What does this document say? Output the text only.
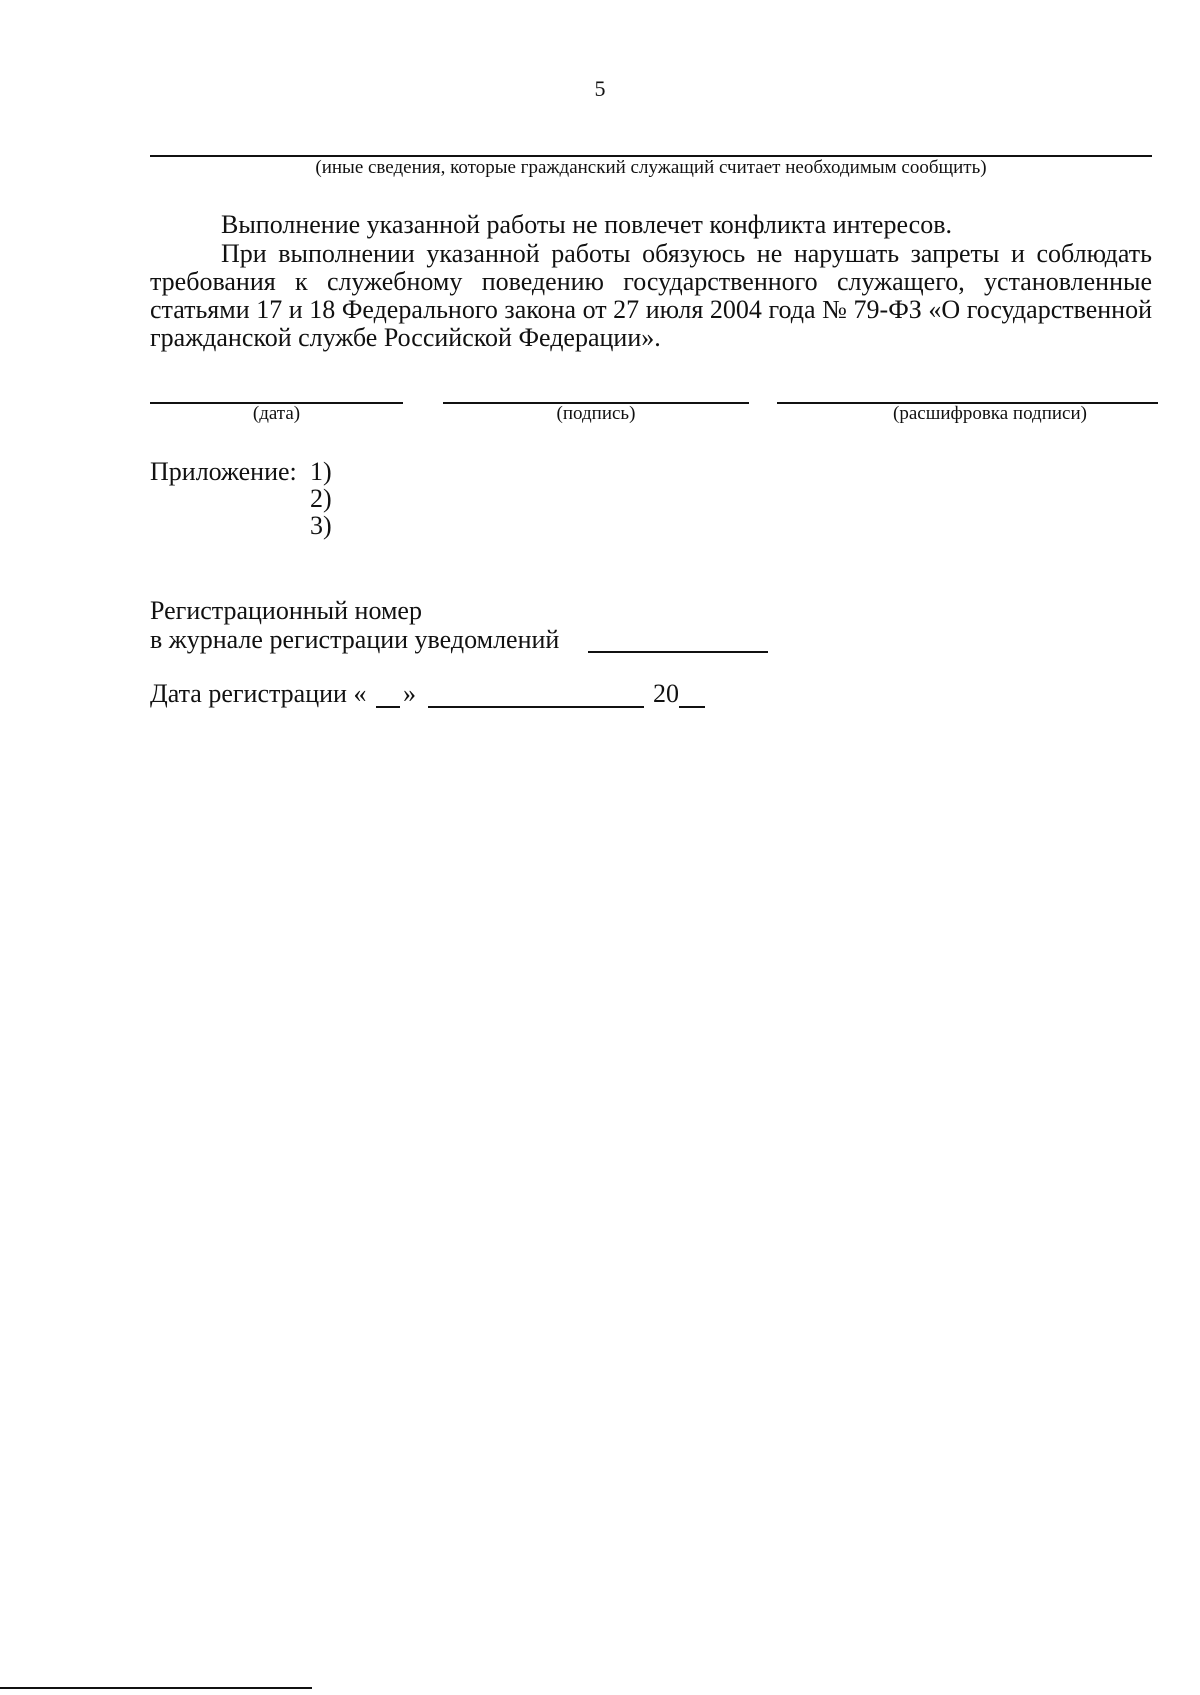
5
(иные сведения, которые гражданский служащий считает необходимым сообщить)
Выполнение указанной работы не повлечет конфликта интересов.
При выполнении указанной работы обязуюсь не нарушать запреты и соблюдать требования к служебному поведению государственного служащего, установленные статьями 17 и 18 Федерального закона от 27 июля 2004 года № 79-ФЗ «О государственной гражданской службе Российской Федерации».
(дата)	(подпись)	(расшифровка подписи)
Приложение: 1)
2)
3)
Регистрационный номер
в журнале регистрации уведомлений
Дата регистрации « »	20
